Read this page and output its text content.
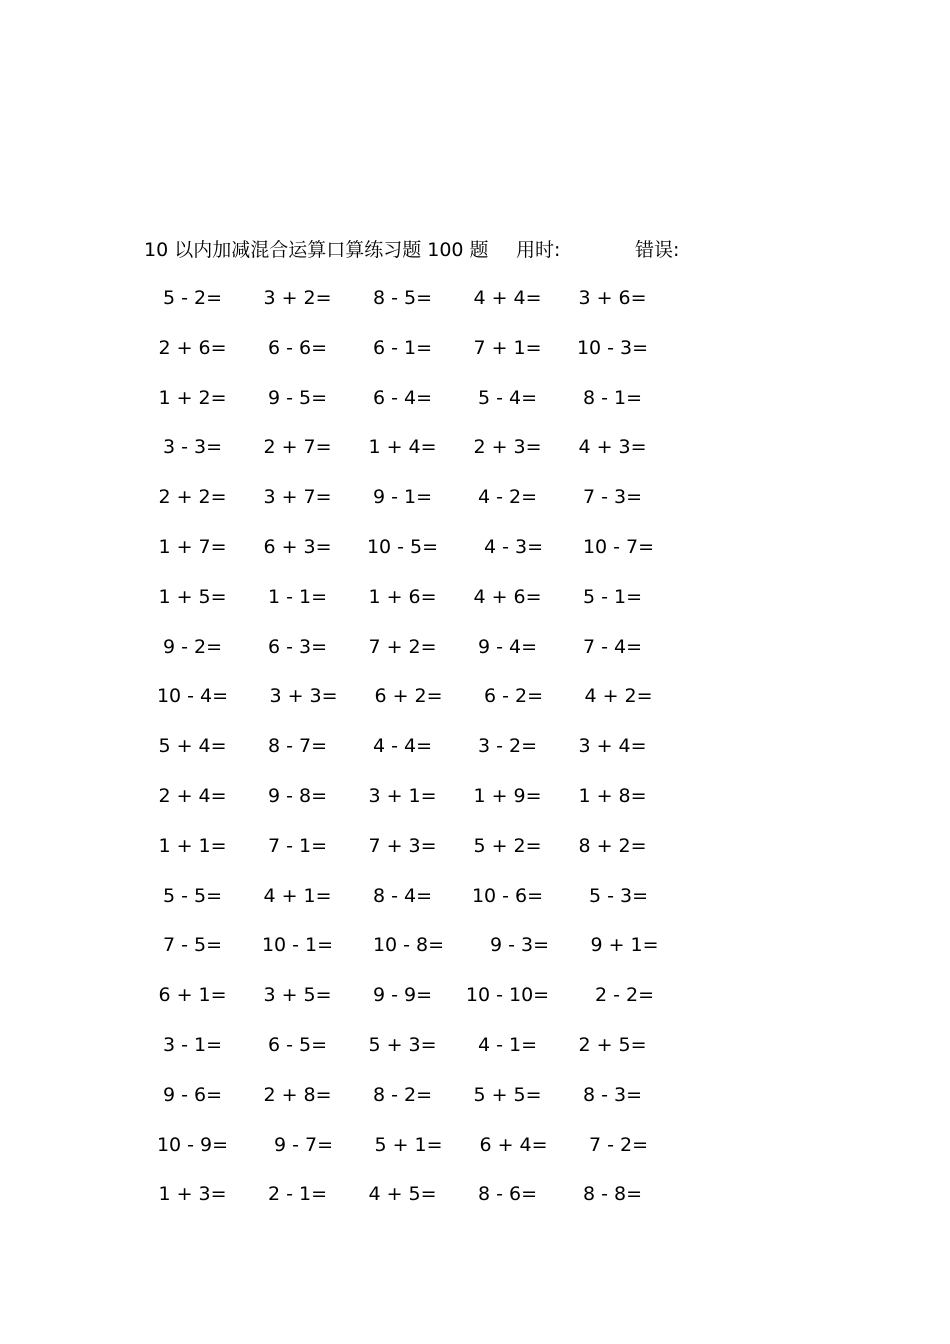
10 以内加减混合运算口算练习题 100 题 用时:	错误:
5 - 2=	3 + 2=	8 - 5=	4 + 4=	3 + 6=
2 + 6=	6 - 6=	6 - 1=	7 + 1=	10 - 3=
1 + 2=	9 - 5=	6 - 4=	5 - 4=	8 - 1=
3 - 3=	2 + 7=	1 + 4=	2 + 3=	4 + 3=
2 + 2=	3 + 7=	9 - 1=	4 - 2=	7 - 3=
1 + 7=	6 + 3=	10 - 5=	4 - 3=	10 - 7=
1 + 5=	1 - 1=	1 + 6=	4 + 6=	5 - 1=
9 - 2=	6 - 3=	7 + 2=	9 - 4=	7 - 4=
10 - 4=	3 + 3=	6 + 2=	6 - 2=	4 + 2=
5 + 4=	8 - 7=	4 - 4=	3 - 2=	3 + 4=
2 + 4=	9 - 8=	3 + 1=	1 + 9=	1 + 8=
1 + 1=	7 - 1=	7 + 3=	5 + 2=	8 + 2=
5 - 5=	4 + 1=	8 - 4=	10 - 6=	5 - 3=
7 - 5=	10 - 1=	10 - 8=	9 - 3=	9 + 1=
6 + 1=	3 + 5=	9 - 9=	10 - 10=	2 - 2=
3 - 1=	6 - 5=	5 + 3=	4 - 1=	2 + 5=
9 - 6=	2 + 8=	8 - 2=	5 + 5=	8 - 3=
10 - 9=	9 - 7=	5 + 1=	6 + 4=	7 - 2=
1 + 3=	2 - 1=	4 + 5=	8 - 6=	8 - 8=
